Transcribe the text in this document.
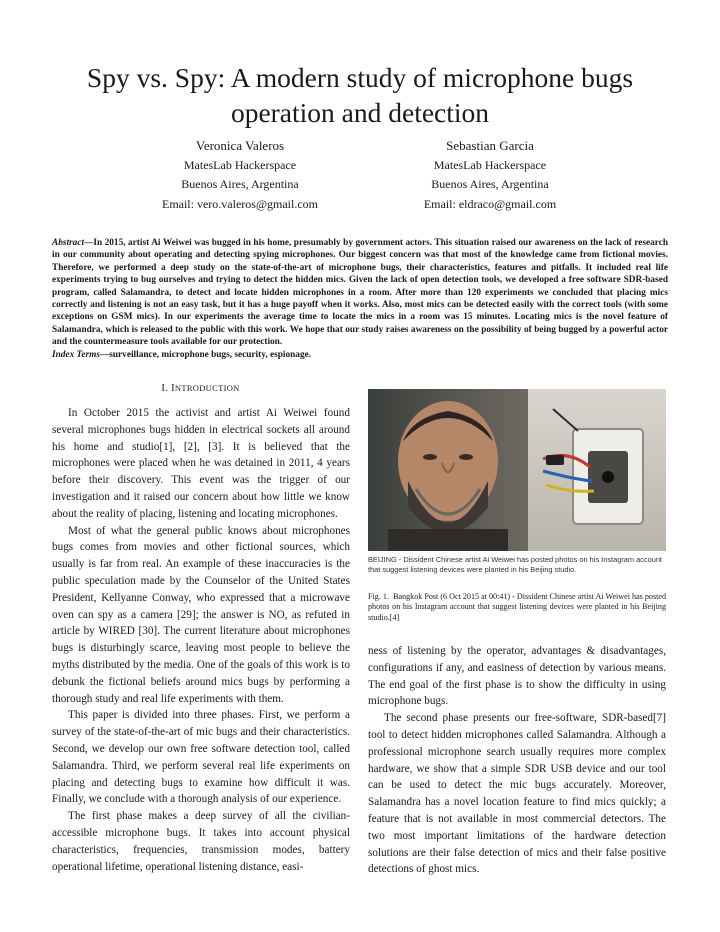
Spy vs. Spy: A modern study of microphone bugs operation and detection
Veronica Valeros
MatesLab Hackerspace
Buenos Aires, Argentina
Email: vero.valeros@gmail.com
Sebastian Garcia
MatesLab Hackerspace
Buenos Aires, Argentina
Email: eldraco@gmail.com

Abstract—In 2015, artist Ai Weiwei was bugged in his home, presumably by government actors. This situation raised our awareness on the lack of research in our community about operating and detecting spying microphones. Our biggest concern was that most of the knowledge came from fictional movies. Therefore, we performed a deep study on the state-of-the-art of microphone bugs, their characteristics, features and pitfalls. It included real life experiments trying to bug ourselves and trying to detect the hidden mics. Given the lack of open detection tools, we developed a free software SDR-based program, called Salamandra, to detect and locate hidden microphones in a room. After more than 120 experiments we concluded that placing mics correctly and listening is not an easy task, but it has a huge payoff when it works. Also, most mics can be detected easily with the correct tools (with some exceptions on GSM mics). In our experiments the average time to locate the mics in a room was 15 minutes. Locating mics is the novel feature of Salamandra, which is released to the public with this work. We hope that our study raises awareness on the possibility of being bugged by a powerful actor and the countermeasure tools available for our protection.
Index Terms—surveillance, microphone bugs, security, espionage.

I. INTRODUCTION

In October 2015 the activist and artist Ai Weiwei found several microphones bugs hidden in electrical sockets all around his home and studio[1], [2], [3]. It is believed that the microphones were placed when he was detained in 2011, 4 years before their discovery. This event was the trigger of our investigation and it raised our concern about how little we know about the reality of placing, listening and locating microphones.

Most of what the general public knows about microphones bugs comes from movies and other fictional sources, which usually is far from real. An example of these inaccuracies is the public speculation made by the Counselor of the United States President, Kellyanne Conway, who expressed that a microwave oven can spy as a camera [29]; the answer is NO, as refuted in article by WIRED [30]. The current literature about microphones bugs is disturbingly scarce, leaving most people to believe the myths distributed by the media. One of the goals of this work is to debunk the fictional beliefs around mics bugs by performing a thorough study and real life experiments with them.

This paper is divided into three phases. First, we perform a survey of the state-of-the-art of mic bugs and their characteristics. Second, we develop our own free software detection tool, called Salamandra. Third, we perform several real life experiments on placing and detecting bugs to examine how difficult it was. Finally, we conclude with a thorough analysis of our experience.

The first phase makes a deep survey of all the civilian-accessible microphone bugs. It takes into account physical characteristics, frequencies, transmission modes, battery operational lifetime, operational listening distance, easi-

BEIJING - Dissident Chinese artist Ai Weiwei has posted photos on his Instagram account that suggest listening devices were planted in his Beijing studio.
Fig. 1. Bangkok Post (6 Oct 2015 at 00:41) - Dissident Chinese artist Ai Weiwei has posted photos on his Instagram account that suggest listening devices were planted in his Beijing studio.[4]

ness of listening by the operator, advantages & disadvantages, configurations if any, and easiness of detection by various means. The end goal of the first phase is to show the difficulty in using microphone bugs.

The second phase presents our free-software, SDR-based[7] tool to detect hidden microphones called Salamandra. Although a professional microphone search usually requires more complex hardware, we show that a simple SDR USB device and our tool can be used to detect the mic bugs accurately. Moreover, Salamandra has a novel location feature to find mics quickly; a feature that is not available in most commercial detectors. The two most important limitations of the hardware detection solutions are their false detection of mics and their false positive detections of ghost mics.
